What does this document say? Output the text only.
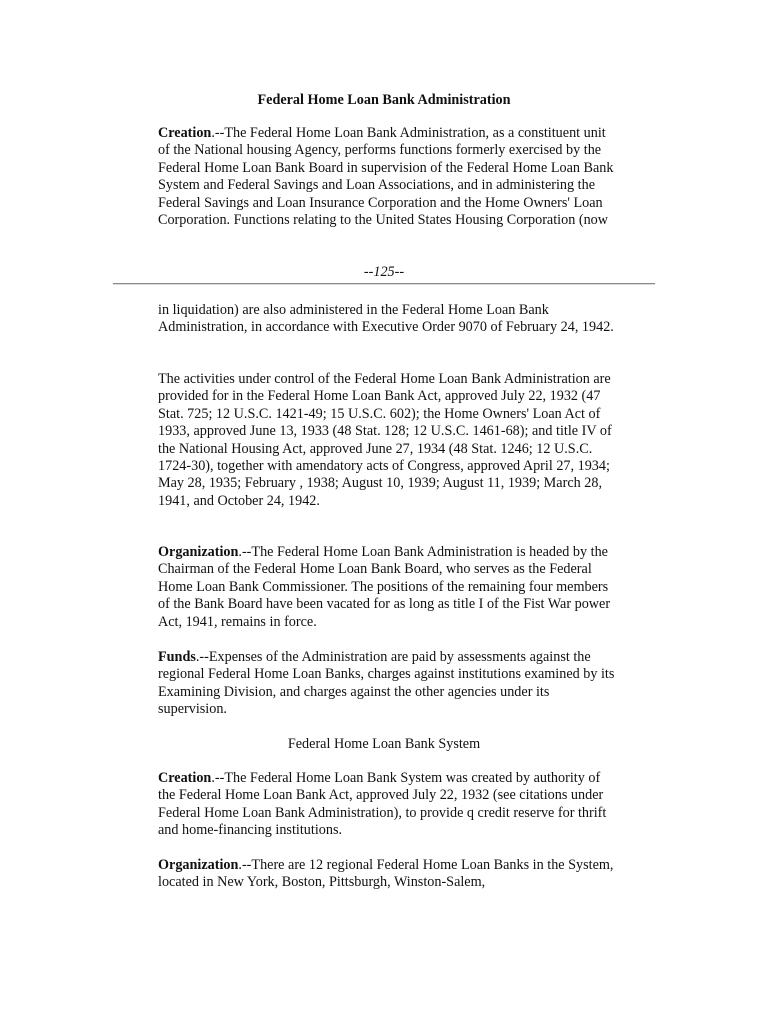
Federal Home Loan Bank Administration

Creation.--The Federal Home Loan Bank Administration, as a constituent unit of the National housing Agency, performs functions formerly exercised by the Federal Home Loan Bank Board in supervision of the Federal Home Loan Bank System and Federal Savings and Loan Associations, and in administering the Federal Savings and Loan Insurance Corporation and the Home Owners' Loan Corporation. Functions relating to the United States Housing Corporation (now

--125--

in liquidation) are also administered in the Federal Home Loan Bank Administration, in accordance with Executive Order 9070 of February 24, 1942.

The activities under control of the Federal Home Loan Bank Administration are provided for in the Federal Home Loan Bank Act, approved July 22, 1932 (47 Stat. 725; 12 U.S.C. 1421-49; 15 U.S.C. 602); the Home Owners' Loan Act of 1933, approved June 13, 1933 (48 Stat. 128; 12 U.S.C. 1461-68); and title IV of the National Housing Act, approved June 27, 1934 (48 Stat. 1246; 12 U.S.C. 1724-30), together with amendatory acts of Congress, approved April 27, 1934; May 28, 1935; February , 1938; August 10, 1939; August 11, 1939; March 28, 1941, and October 24, 1942.

Organization.--The Federal Home Loan Bank Administration is headed by the Chairman of the Federal Home Loan Bank Board, who serves as the Federal Home Loan Bank Commissioner. The positions of the remaining four members of the Bank Board have been vacated for as long as title I of the Fist War power Act, 1941, remains in force.

Funds.--Expenses of the Administration are paid by assessments against the regional Federal Home Loan Banks, charges against institutions examined by its Examining Division, and charges against the other agencies under its supervision.

Federal Home Loan Bank System

Creation.--The Federal Home Loan Bank System was created by authority of the Federal Home Loan Bank Act, approved July 22, 1932 (see citations under Federal Home Loan Bank Administration), to provide q credit reserve for thrift and home-financing institutions.

Organization.--There are 12 regional Federal Home Loan Banks in the System, located in New York, Boston, Pittsburgh, Winston-Salem,
